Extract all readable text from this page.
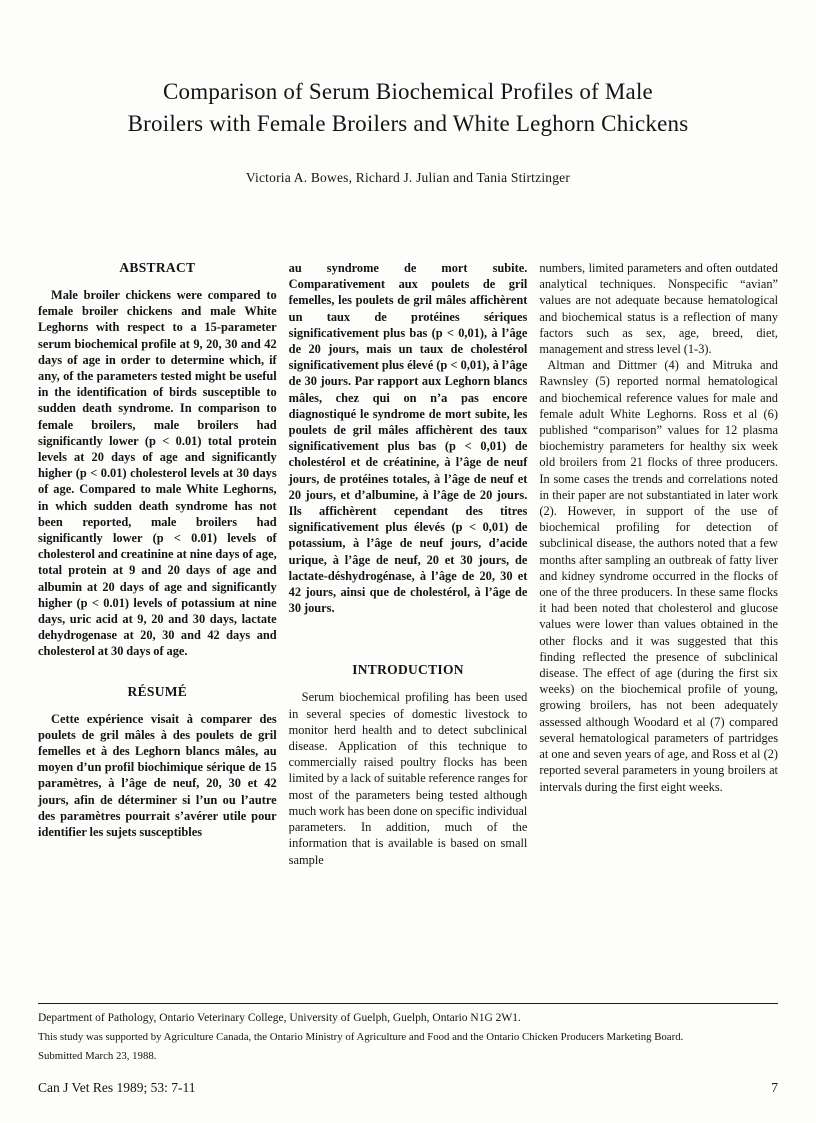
Comparison of Serum Biochemical Profiles of Male
Broilers with Female Broilers and White Leghorn Chickens
Victoria A. Bowes, Richard J. Julian and Tania Stirtzinger
ABSTRACT

Male broiler chickens were compared to female broiler chickens and male White Leghorns with respect to a 15-parameter serum biochemical profile at 9, 20, 30 and 42 days of age in order to determine which, if any, of the parameters tested might be useful in the identification of birds susceptible to sudden death syndrome. In comparison to female broilers, male broilers had significantly lower (p < 0.01) total protein levels at 20 days of age and significantly higher (p < 0.01) cholesterol levels at 30 days of age. Compared to male White Leghorns, in which sudden death syndrome has not been reported, male broilers had significantly lower (p < 0.01) levels of cholesterol and creatinine at nine days of age, total protein at 9 and 20 days of age and albumin at 20 days of age and significantly higher (p < 0.01) levels of potassium at nine days, uric acid at 9, 20 and 30 days, lactate dehydrogenase at 20, 30 and 42 days and cholesterol at 30 days of age.

RÉSUMÉ

Cette expérience visait à comparer des poulets de gril mâles à des poulets de gril femelles et à des Leghorn blancs mâles, au moyen d’un profil biochimique sérique de 15 paramètres, à l’âge de neuf, 20, 30 et 42 jours, afin de déterminer si l’un ou l’autre des paramètres pourrait s’avérer utile pour identifier les sujets susceptibles

au syndrome de mort subite. Comparativement aux poulets de gril femelles, les poulets de gril mâles affichèrent un taux de protéines sériques significativement plus bas (p < 0,01), à l’âge de 20 jours, mais un taux de cholestérol significativement plus élevé (p < 0,01), à l’âge de 30 jours. Par rapport aux Leghorn blancs mâles, chez qui on n’a pas encore diagnostiqué le syndrome de mort subite, les poulets de gril mâles affichèrent des taux significativement plus bas (p < 0,01) de cholestérol et de créatinine, à l’âge de neuf jours, de protéines totales, à l’âge de neuf et 20 jours, et d’albumine, à l’âge de 20 jours. Ils affichèrent cependant des titres significativement plus élevés (p < 0,01) de potassium, à l’âge de neuf jours, d’acide urique, à l’âge de neuf, 20 et 30 jours, de lactate-déshydrogénase, à l’âge de 20, 30 et 42 jours, ainsi que de cholestérol, à l’âge de 30 jours.

INTRODUCTION

Serum biochemical profiling has been used in several species of domestic livestock to monitor herd health and to detect subclinical disease. Application of this technique to commercially raised poultry flocks has been limited by a lack of suitable reference ranges for most of the parameters being tested although much work has been done on specific individual parameters. In addition, much of the information that is available is based on small sample

numbers, limited parameters and often outdated analytical techniques. Nonspecific “avian” values are not adequate because hematological and biochemical status is a reflection of many factors such as sex, age, breed, diet, management and stress level (1-3).

Altman and Dittmer (4) and Mitruka and Rawnsley (5) reported normal hematological and biochemical reference values for male and female adult White Leghorns. Ross et al (6) published “comparison” values for 12 plasma biochemistry parameters for healthy six week old broilers from 21 flocks of three producers. In some cases the trends and correlations noted in their paper are not substantiated in later work (2). However, in support of the use of biochemical profiling for detection of subclinical disease, the authors noted that a few months after sampling an outbreak of fatty liver and kidney syndrome occurred in the flocks of one of the three producers. In these same flocks it had been noted that cholesterol and glucose values were lower than values obtained in the other flocks and it was suggested that this finding reflected the presence of subclinical disease. The effect of age (during the first six weeks) on the biochemical profile of young, growing broilers, has not been adequately assessed although Woodard et al (7) compared several hematological parameters of partridges at one and seven years of age, and Ross et al (2) reported several parameters in young broilers at intervals during the first eight weeks.

Department of Pathology, Ontario Veterinary College, University of Guelph, Guelph, Ontario N1G 2W1.

This study was supported by Agriculture Canada, the Ontario Ministry of Agriculture and Food and the Ontario Chicken Producers Marketing Board.

Submitted March 23, 1988.

Can J Vet Res 1989; 53: 7-11	7
